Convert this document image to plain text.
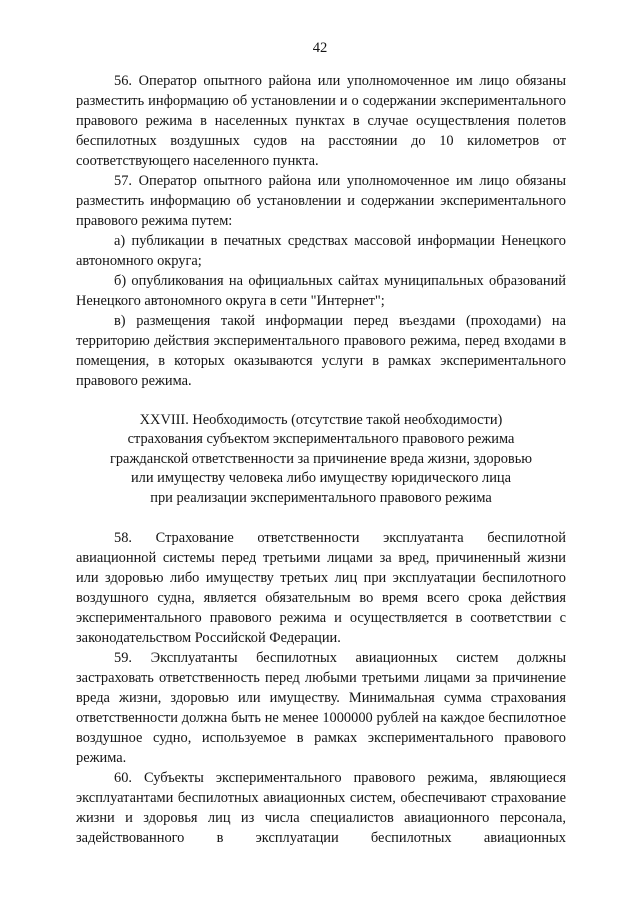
42

56. Оператор опытного района или уполномоченное им лицо обязаны разместить информацию об установлении и о содержании экспериментального правового режима в населенных пунктах в случае осуществления полетов беспилотных воздушных судов на расстоянии до 10 километров от соответствующего населенного пункта.

57. Оператор опытного района или уполномоченное им лицо обязаны разместить информацию об установлении и содержании экспериментального правового режима путем:

а) публикации в печатных средствах массовой информации Ненецкого автономного округа;

б) опубликования на официальных сайтах муниципальных образований Ненецкого автономного округа в сети "Интернет";

в) размещения такой информации перед въездами (проходами) на территорию действия экспериментального правового режима, перед входами в помещения, в которых оказываются услуги в рамках экспериментального правового режима.

XXVIII. Необходимость (отсутствие такой необходимости)
страхования субъектом экспериментального правового режима
гражданской ответственности за причинение вреда жизни, здоровью
или имуществу человека либо имуществу юридического лица
при реализации экспериментального правового режима

58. Страхование ответственности эксплуатанта беспилотной авиационной системы перед третьими лицами за вред, причиненный жизни или здоровью либо имуществу третьих лиц при эксплуатации беспилотного воздушного судна, является обязательным во время всего срока действия экспериментального правового режима и осуществляется в соответствии с законодательством Российской Федерации.

59. Эксплуатанты беспилотных авиационных систем должны застраховать ответственность перед любыми третьими лицами за причинение вреда жизни, здоровью или имуществу. Минимальная сумма страхования ответственности должна быть не менее 1000000 рублей на каждое беспилотное воздушное судно, используемое в рамках экспериментального правового режима.

60. Субъекты экспериментального правового режима, являющиеся эксплуатантами беспилотных авиационных систем, обеспечивают страхование жизни и здоровья лиц из числа специалистов авиационного персонала, задействованного в эксплуатации беспилотных авиационных
